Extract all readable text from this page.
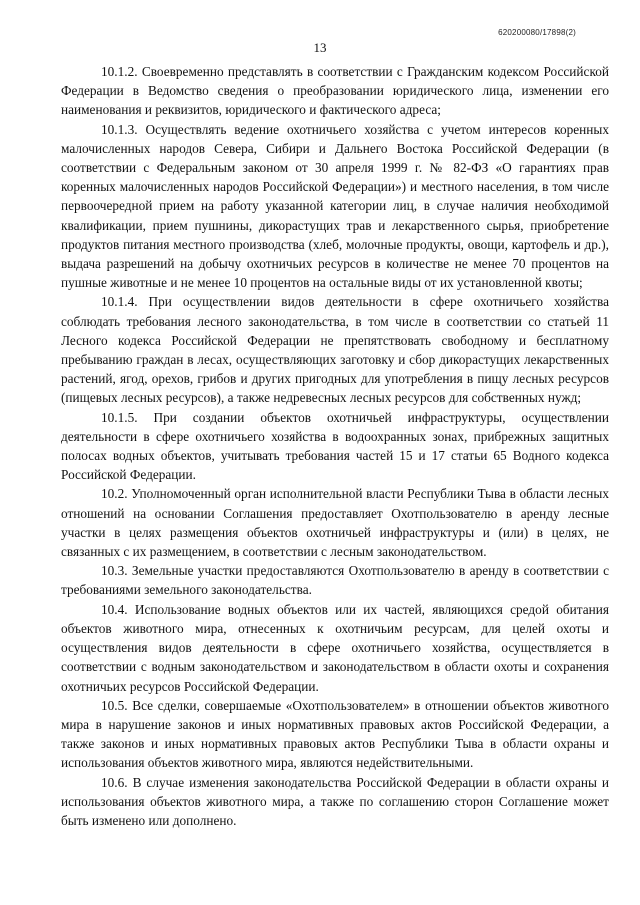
620200080/17898(2)
13

10.1.2. Своевременно представлять в соответствии с Гражданским кодексом Российской Федерации в Ведомство сведения о преобразовании юридического лица, изменении его наименования и реквизитов, юридического и фактического адреса;

10.1.3. Осуществлять ведение охотничьего хозяйства с учетом интересов коренных малочисленных народов Севера, Сибири и Дальнего Востока Российской Федерации (в соответствии с Федеральным законом от 30 апреля 1999 г. № 82-ФЗ «О гарантиях прав коренных малочисленных народов Российской Федерации») и местного населения, в том числе первоочередной прием на работу указанной категории лиц, в случае наличия необходимой квалификации, прием пушнины, дикорастущих трав и лекарственного сырья, приобретение продуктов питания местного производства (хлеб, молочные продукты, овощи, картофель и др.), выдача разрешений на добычу охотничьих ресурсов в количестве не менее 70 процентов на пушные животные и не менее 10 процентов на остальные виды от их установленной квоты;

10.1.4. При осуществлении видов деятельности в сфере охотничьего хозяйства соблюдать требования лесного законодательства, в том числе в соответствии со статьей 11 Лесного кодекса Российской Федерации не препятствовать свободному и бесплатному пребыванию граждан в лесах, осуществляющих заготовку и сбор дикорастущих лекарственных растений, ягод, орехов, грибов и других пригодных для употребления в пищу лесных ресурсов (пищевых лесных ресурсов), а также недревесных лесных ресурсов для собственных нужд;

10.1.5. При создании объектов охотничьей инфраструктуры, осуществлении деятельности в сфере охотничьего хозяйства в водоохранных зонах, прибрежных защитных полосах водных объектов, учитывать требования частей 15 и 17 статьи 65 Водного кодекса Российской Федерации.

10.2. Уполномоченный орган исполнительной власти Республики Тыва в области лесных отношений на основании Соглашения предоставляет Охотпользователю в аренду лесные участки в целях размещения объектов охотничьей инфраструктуры и (или) в целях, не связанных с их размещением, в соответствии с лесным законодательством.

10.3. Земельные участки предоставляются Охотпользователю в аренду в соответствии с требованиями земельного законодательства.

10.4. Использование водных объектов или их частей, являющихся средой обитания объектов животного мира, отнесенных к охотничьим ресурсам, для целей охоты и осуществления видов деятельности в сфере охотничьего хозяйства, осуществляется в соответствии с водным законодательством и законодательством в области охоты и сохранения охотничьих ресурсов Российской Федерации.

10.5. Все сделки, совершаемые «Охотпользователем» в отношении объектов животного мира в нарушение законов и иных нормативных правовых актов Российской Федерации, а также законов и иных нормативных правовых актов Республики Тыва в области охраны и использования объектов животного мира, являются недействительными.

10.6. В случае изменения законодательства Российской Федерации в области охраны и использования объектов животного мира, а также по соглашению сторон Соглашение может быть изменено или дополнено.
